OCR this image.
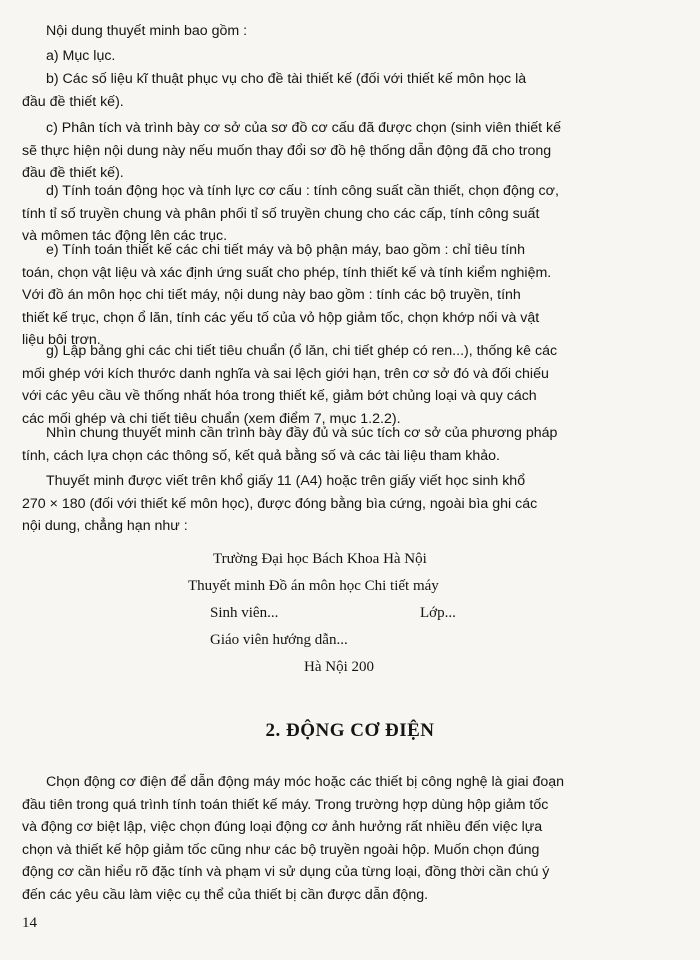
Nội dung thuyết minh bao gồm :

a) Mục lục.

b) Các số liệu kĩ thuật phục vụ cho đề tài thiết kế (đối với thiết kế môn học là
đầu đề thiết kế).

c) Phân tích và trình bày cơ sở của sơ đồ cơ cấu đã được chọn (sinh viên thiết kế
sẽ thực hiện nội dung này nếu muốn thay đổi sơ đồ hệ thống dẫn động đã cho trong
đầu đề thiết kế).

d) Tính toán động học và tính lực cơ cấu : tính công suất cần thiết, chọn động cơ,
tính tỉ số truyền chung và phân phối tỉ số truyền chung cho các cấp, tính công suất
và mômen tác động lên các trục.

e) Tính toán thiết kế các chi tiết máy và bộ phận máy, bao gồm : chỉ tiêu tính
toán, chọn vật liệu và xác định ứng suất cho phép, tính thiết kế và tính kiểm nghiệm.
Với đồ án môn học chi tiết máy, nội dung này bao gồm : tính các bộ truyền, tính
thiết kế trục, chọn ổ lăn, tính các yếu tố của vỏ hộp giảm tốc, chọn khớp nối và vật
liệu bôi trơn.

g) Lập bảng ghi các chi tiết tiêu chuẩn (ổ lăn, chi tiết ghép có ren...), thống kê các
mối ghép với kích thước danh nghĩa và sai lệch giới hạn, trên cơ sở đó và đối chiếu
với các yêu cầu về thống nhất hóa trong thiết kế, giảm bớt chủng loại và quy cách
các mối ghép và chi tiết tiêu chuẩn (xem điểm 7, mục 1.2.2).

Nhìn chung thuyết minh cần trình bày đầy đủ và súc tích cơ sở của phương pháp
tính, cách lựa chọn các thông số, kết quả bằng số và các tài liệu tham khảo.

Thuyết minh được viết trên khổ giấy 11 (A4) hoặc trên giấy viết học sinh khổ
270 × 180 (đối với thiết kế môn học), được đóng bằng bìa cứng, ngoài bìa ghi các
nội dung, chẳng hạn như :

Trường Đại học Bách Khoa Hà Nội
Thuyết minh Đồ án môn học Chi tiết máy
Sinh viên...	Lớp...
Giáo viên hướng dẫn...
Hà Nội 200
2. ĐỘNG CƠ ĐIỆN

Chọn động cơ điện để dẫn động máy móc hoặc các thiết bị công nghệ là giai đoạn
đầu tiên trong quá trình tính toán thiết kế máy. Trong trường hợp dùng hộp giảm tốc
và động cơ biệt lập, việc chọn đúng loại động cơ ảnh hưởng rất nhiều đến việc lựa
chọn và thiết kế hộp giảm tốc cũng như các bộ truyền ngoài hộp. Muốn chọn đúng
động cơ cần hiểu rõ đặc tính và phạm vi sử dụng của từng loại, đồng thời cần chú ý
đến các yêu cầu làm việc cụ thể của thiết bị cần được dẫn động.

14
